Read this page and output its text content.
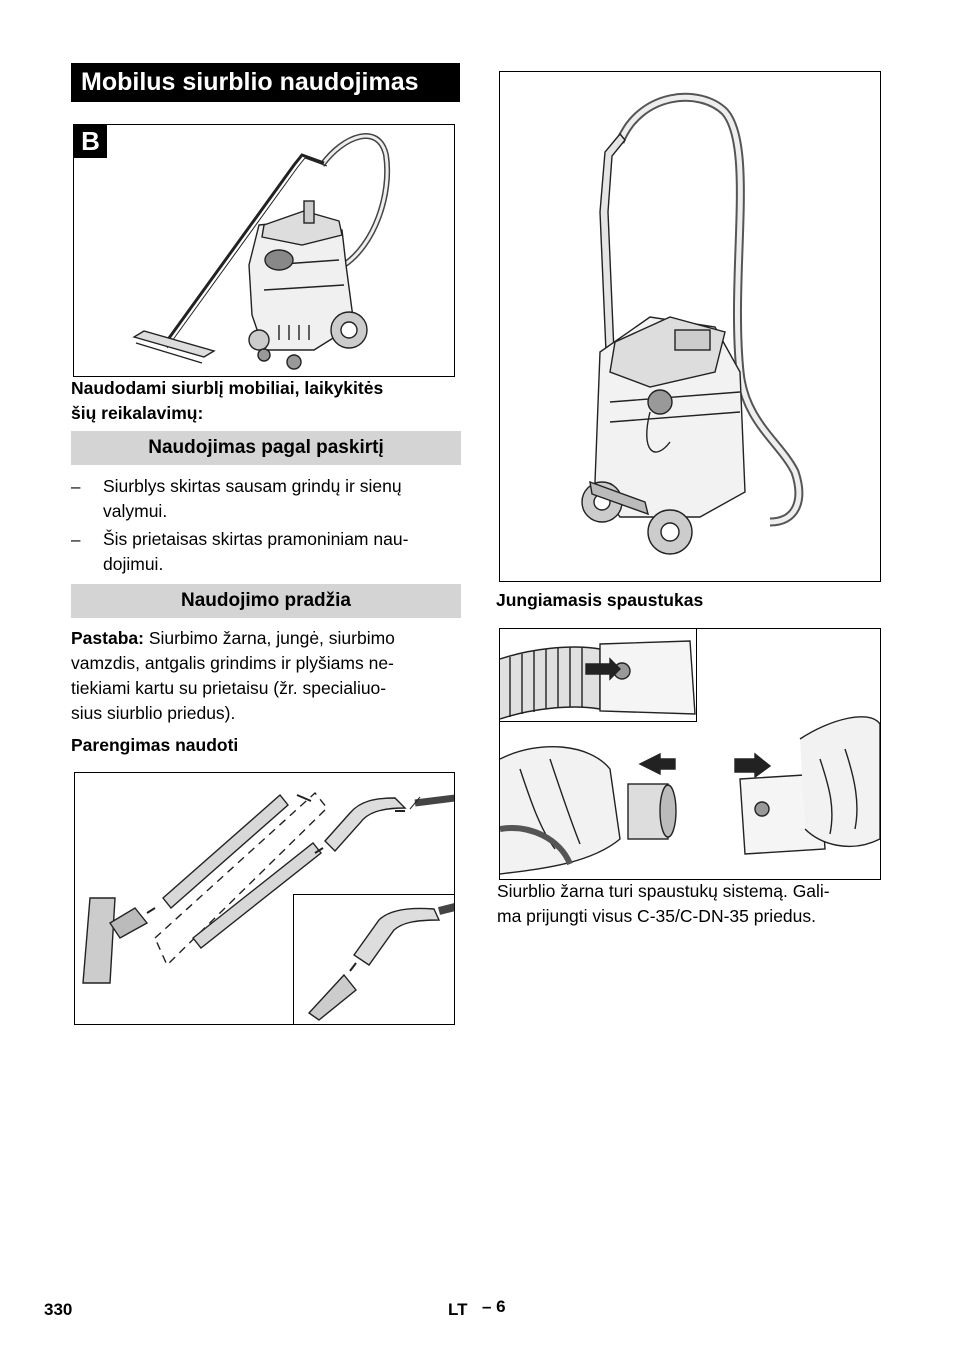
Mobilus siurblio naudojimas
B
Naudodami siurblį mobiliai, laikykitės
šių reikalavimų:
Naudojimas pagal paskirtį
– Siurblys skirtas sausam grindų ir sienų
valymui.
– Šis prietaisas skirtas pramoniniam nau-
dojimui.
Naudojimo pradžia
Pastaba: Siurbimo žarna, jungė, siurbimo
vamzdis, antgalis grindims ir plyšiams ne-
tiekiami kartu su prietaisu (žr. specialiuo-
sius siurblio priedus).
Parengimas naudoti
Jungiamasis spaustukas
Siurblio žarna turi spaustukų sistemą. Gali-
ma prijungti visus C-35/C-DN-35 priedus.
330	LT – 6
